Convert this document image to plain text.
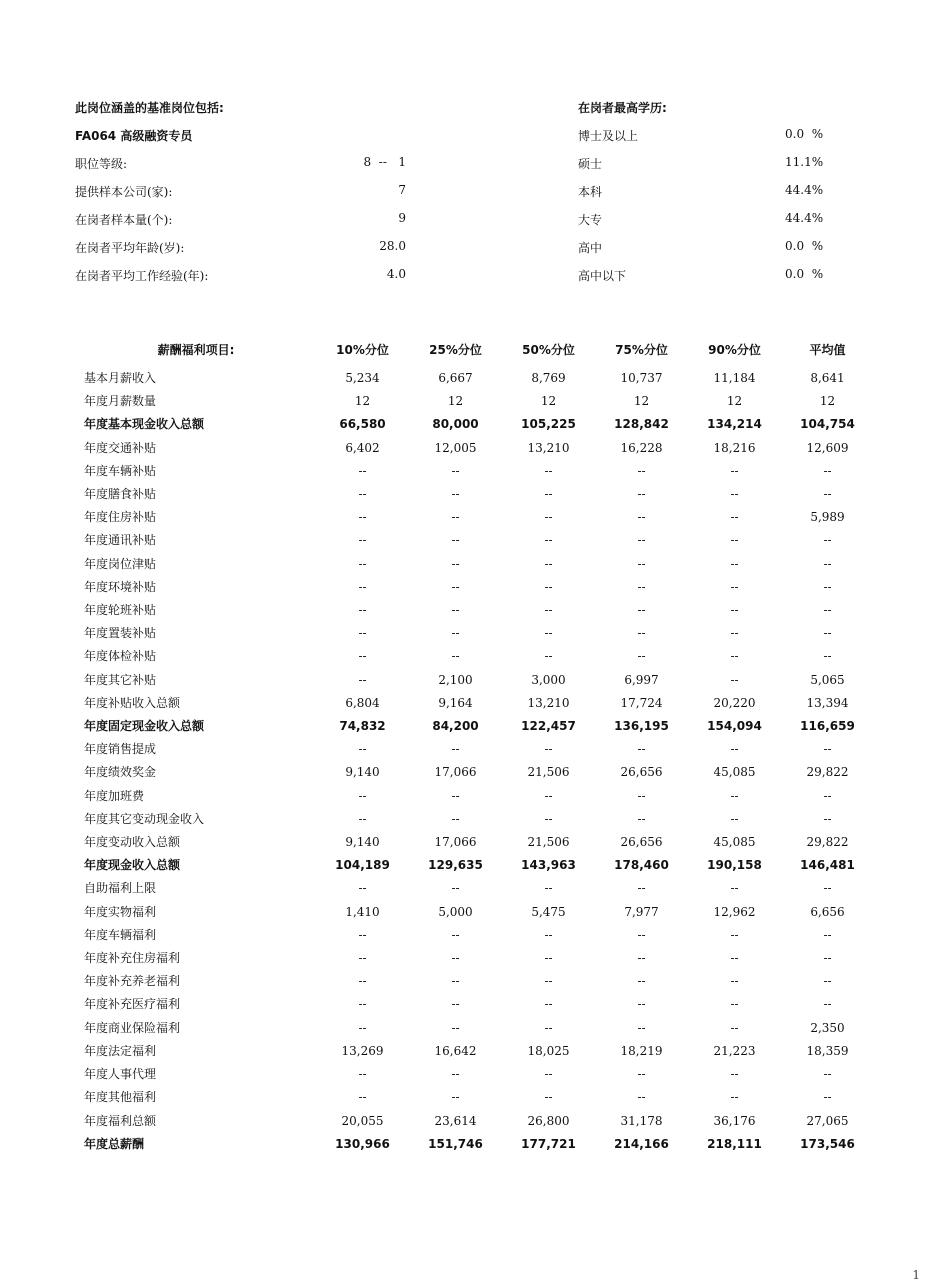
此岗位涵盖的基准岗位包括:
FA064 高级融资专员
职位等级:	8  --   1
提供样本公司(家):	7
在岗者样本量(个):	9
在岗者平均年龄(岁):	28.0
在岗者平均工作经验(年):	4.0
在岗者最高学历:
博士及以上	0.0  %
硕士	11.1%
本科	44.4%
大专	44.4%
高中	0.0  %
高中以下	0.0  %
薪酬福利项目:	10%分位	25%分位	50%分位	75%分位	90%分位	平均值

基本月薪收入	5,234	6,667	8,769	10,737	11,184	8,641
年度月薪数量	12	12	12	12	12	12
年度基本现金收入总额	66,580	80,000	105,225	128,842	134,214	104,754
年度交通补贴	6,402	12,005	13,210	16,228	18,216	12,609
年度车辆补贴	--	--	--	--	--	--
年度膳食补贴	--	--	--	--	--	--
年度住房补贴	--	--	--	--	--	5,989
年度通讯补贴	--	--	--	--	--	--
年度岗位津贴	--	--	--	--	--	--
年度环境补贴	--	--	--	--	--	--
年度轮班补贴	--	--	--	--	--	--
年度置装补贴	--	--	--	--	--	--
年度体检补贴	--	--	--	--	--	--
年度其它补贴	--	2,100	3,000	6,997	--	5,065
年度补贴收入总额	6,804	9,164	13,210	17,724	20,220	13,394
年度固定现金收入总额	74,832	84,200	122,457	136,195	154,094	116,659
年度销售提成	--	--	--	--	--	--
年度绩效奖金	9,140	17,066	21,506	26,656	45,085	29,822
年度加班费	--	--	--	--	--	--
年度其它变动现金收入	--	--	--	--	--	--
年度变动收入总额	9,140	17,066	21,506	26,656	45,085	29,822
年度现金收入总额	104,189	129,635	143,963	178,460	190,158	146,481
自助福利上限	--	--	--	--	--	--
年度实物福利	1,410	5,000	5,475	7,977	12,962	6,656
年度车辆福利	--	--	--	--	--	--
年度补充住房福利	--	--	--	--	--	--
年度补充养老福利	--	--	--	--	--	--
年度补充医疗福利	--	--	--	--	--	--
年度商业保险福利	--	--	--	--	--	2,350
年度法定福利	13,269	16,642	18,025	18,219	21,223	18,359
年度人事代理	--	--	--	--	--	--
年度其他福利	--	--	--	--	--	--
年度福利总额	20,055	23,614	26,800	31,178	36,176	27,065
年度总薪酬	130,966	151,746	177,721	214,166	218,111	173,546
1
